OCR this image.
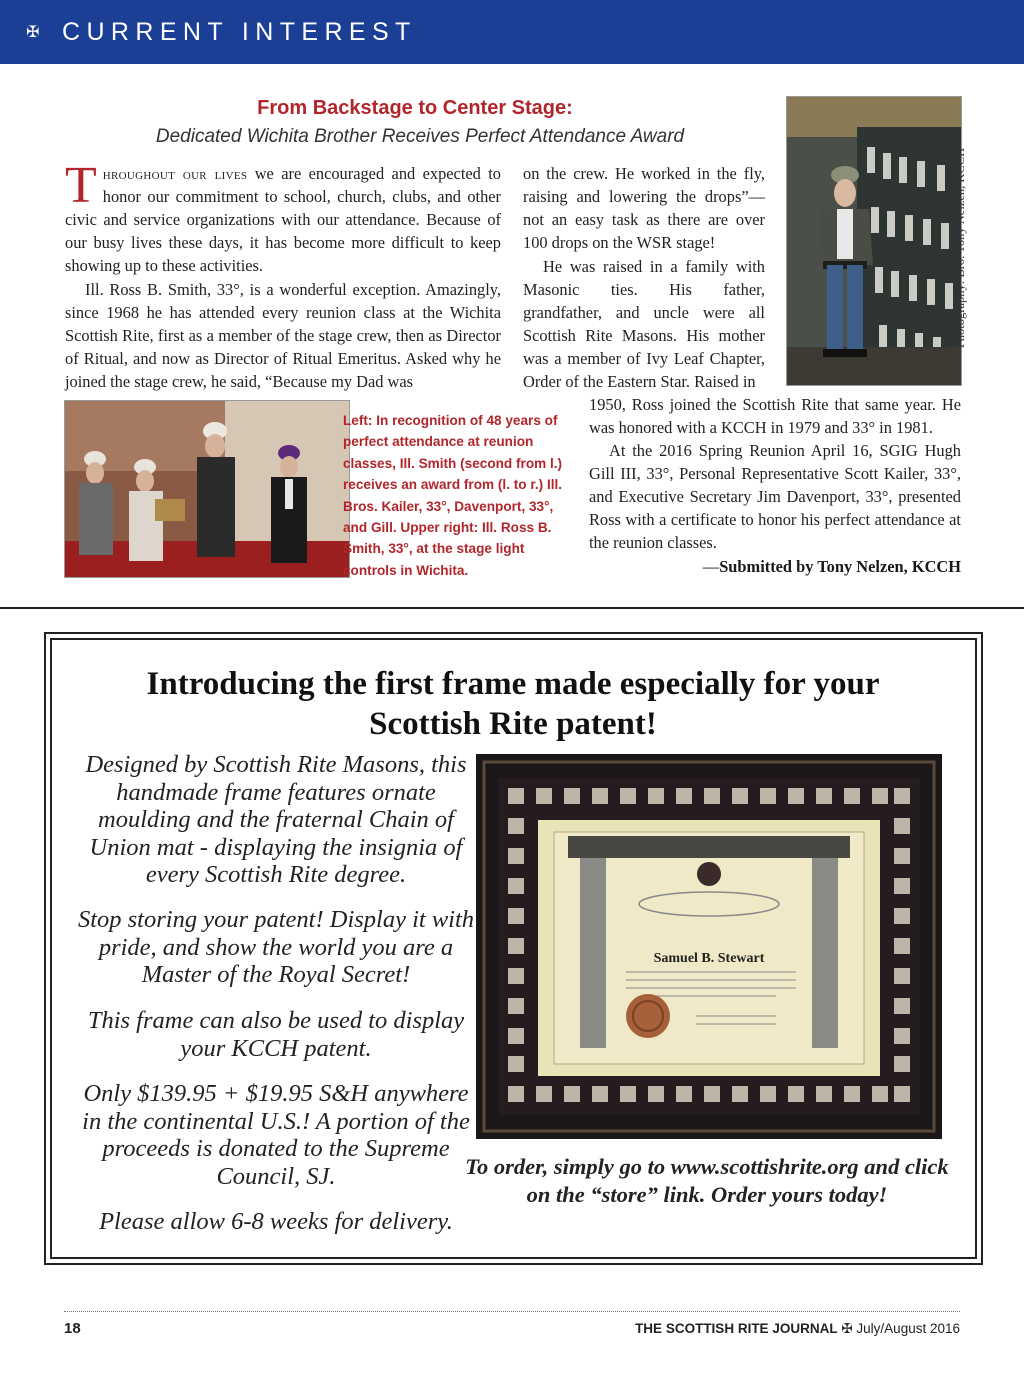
✠ CURRENT INTEREST
From Backstage to Center Stage:
Dedicated Wichita Brother Receives Perfect Attendance Award
Throughout our lives we are encouraged and expected to honor our commitment to school, church, clubs, and other civic and service organizations with our attendance. Because of our busy lives these days, it has become more difficult to keep showing up to these activities.
Ill. Ross B. Smith, 33°, is a wonderful exception. Amazingly, since 1968 he has attended every reunion class at the Wichita Scottish Rite, first as a member of the stage crew, then as Director of Ritual, and now as Director of Ritual Emeritus. Asked why he joined the stage crew, he said, “Because my Dad was
on the crew. He worked in the fly, raising and lowering the drops”—not an easy task as there are over 100 drops on the WSR stage!
He was raised in a family with Masonic ties. His father, grandfather, and uncle were all Scottish Rite Masons. His mother was a member of Ivy Leaf Chapter, Order of the Eastern Star. Raised in
1950, Ross joined the Scottish Rite that same year. He was honored with a KCCH in 1979 and 33° in 1981.
At the 2016 Spring Reunion April 16, SGIG Hugh Gill III, 33°, Personal Representative Scott Kailer, 33°, and Executive Secretary Jim Davenport, 33°, presented Ross with a certificate to honor his perfect attendance at the reunion classes.
—Submitted by Tony Nelzen, KCCH
Photography: Bro. Tony Nelzen, KCCH
Left: In recognition of 48 years of perfect attendance at reunion classes, Ill. Smith (second from l.) receives an award from (l. to r.) Ill. Bros. Kailer, 33°, Davenport, 33°, and Gill. Upper right: Ill. Ross B. Smith, 33°, at the stage light controls in Wichita.
Introducing the first frame made especially for your
Scottish Rite patent!
Designed by Scottish Rite Masons, this handmade frame features ornate moulding and the fraternal Chain of Union mat - displaying the insignia of every Scottish Rite degree.
Stop storing your patent! Display it with pride, and show the world you are a Master of the Royal Secret!
This frame can also be used to display your KCCH patent.
Only $139.95 + $19.95 S&H anywhere in the continental U.S.! A portion of the proceeds is donated to the Supreme Council, SJ.
Please allow 6-8 weeks for delivery.
To order, simply go to www.scottishrite.org and click on the “store” link. Order yours today!
Samuel B. Stewart
18	THE SCOTTISH RITE JOURNAL ✠ July/August 2016
